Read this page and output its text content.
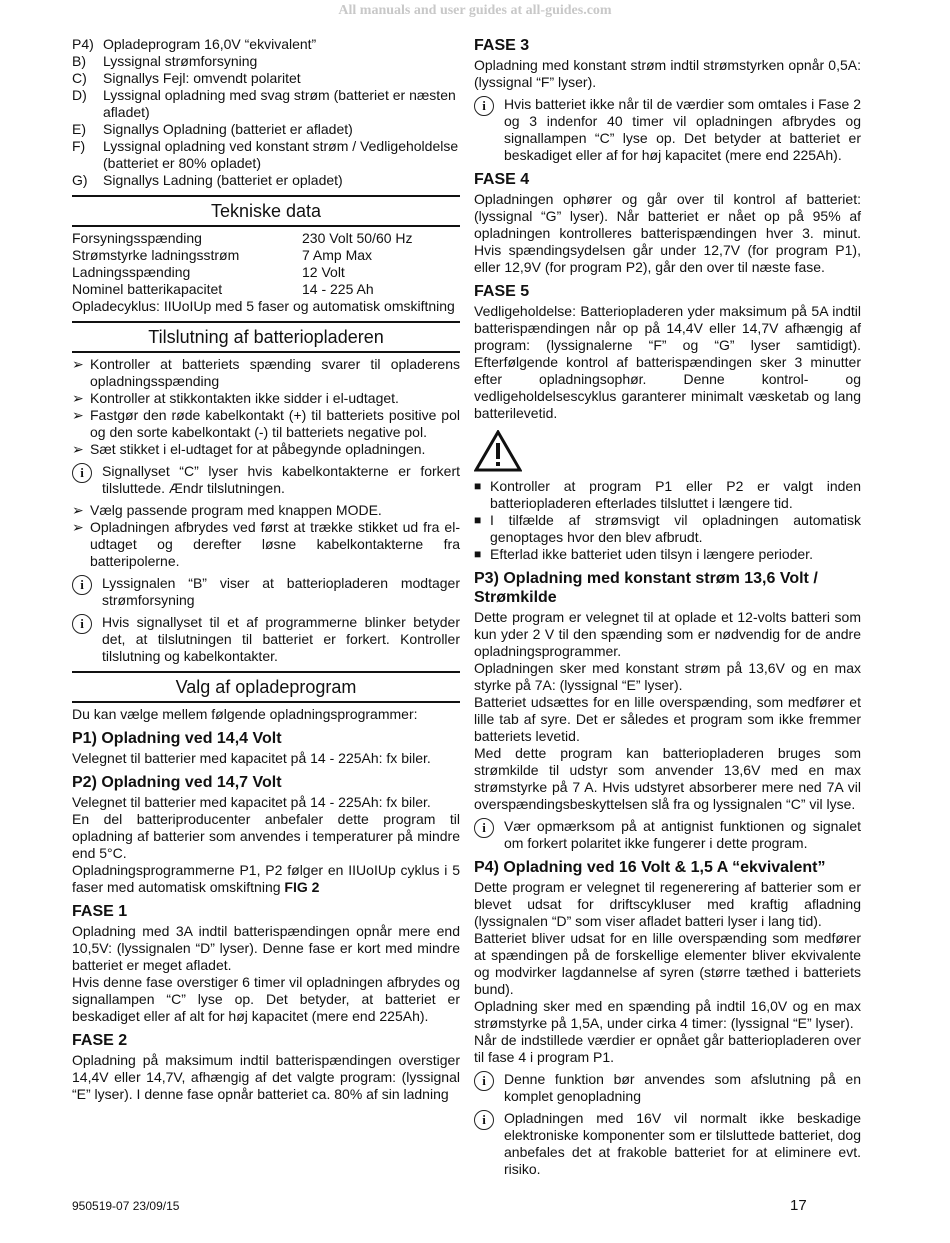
All manuals and user guides at all-guides.com
P4) Opladeprogram 16,0V “ekvivalent”
B)	Lyssignal strømforsyning
C)	Signallys Fejl: omvendt polaritet
D)	Lyssignal opladning med svag strøm (batteriet er næsten afladet)
E)	Signallys Opladning (batteriet er afladet)
F)	Lyssignal opladning ved konstant strøm / Vedligeholdelse (batteriet er 80% opladet)
G)	Signallys Ladning (batteriet er opladet)
Tekniske data
Forsyningsspænding	230 Volt 50/60 Hz
Strømstyrke ladningsstrøm	7 Amp Max
Ladningsspænding	12 Volt
Nominel batterikapacitet	14 - 225 Ah
Opladecyklus: IIUoIUp med 5 faser og automatisk omskiftning
Tilslutning af batteriopladeren
➢ Kontroller at batteriets spænding svarer til opladerens opladningsspænding
➢ Kontroller at stikkontakten ikke sidder i el-udtaget.
➢ Fastgør den røde kabelkontakt (+) til batteriets positive pol og den sorte kabelkontakt (-) til batteriets negative pol.
➢ Sæt stikket i el-udtaget for at påbegynde opladningen.
i	Signallyset “C” lyser hvis kabelkontakterne er forkert tilsluttede. Ændr tilslutningen.
➢ Vælg passende program med knappen MODE.
➢ Opladningen afbrydes ved først at trække stikket ud fra el-udtaget og derefter løsne kabelkontakterne fra batteripolerne.
i	Lyssignalen “B” viser at batteriopladeren modtager strømforsyning
i	Hvis signallyset til et af programmerne blinker betyder det, at tilslutningen til batteriet er forkert. Kontroller tilslutning og kabelkontakter.
Valg af opladeprogram

Du kan vælge mellem følgende opladningsprogrammer:

P1) Opladning ved 14,4 Volt

Velegnet til batterier med kapacitet på 14 - 225Ah: fx biler.

P2) Opladning ved 14,7 Volt

Velegnet til batterier med kapacitet på 14 - 225Ah: fx biler.

En del batteriproducenter anbefaler dette program til opladning af batterier som anvendes i temperaturer på mindre end 5°C.

Opladningsprogrammerne P1, P2 følger en IIUoIUp cyklus i 5 faser med automatisk omskiftning FIG 2

FASE 1

Opladning med 3A indtil batterispændingen opnår mere end 10,5V: (lyssignalen “D” lyser). Denne fase er kort med mindre batteriet er meget afladet.

Hvis denne fase overstiger 6 timer vil opladningen afbrydes og signallampen “C” lyse op. Det betyder, at batteriet er beskadiget eller af alt for høj kapacitet (mere end 225Ah).

FASE 2

Opladning på maksimum indtil batterispændingen overstiger 14,4V eller 14,7V, afhængig af det valgte program: (lyssignal “E” lyser). I denne fase opnår batteriet ca. 80% af sin ladning

FASE 3

Opladning med konstant strøm indtil strømstyrken opnår 0,5A: (lyssignal “F” lyser).

i	Hvis batteriet ikke når til de værdier som omtales i Fase 2 og 3 indenfor 40 timer vil opladningen afbrydes og signallampen “C” lyse op. Det betyder at batteriet er beskadiget eller af for høj kapacitet (mere end 225Ah).
FASE 4

Opladningen ophører og går over til kontrol af batteriet: (lyssignal “G” lyser). Når batteriet er nået op på 95% af opladningen kontrolleres batterispændingen hver 3. minut. Hvis spændingsydelsen går under 12,7V (for program P1), eller 12,9V (for program P2), går den over til næste fase.

FASE 5

Vedligeholdelse: Batteriopladeren yder maksimum på 5A indtil batterispændingen når op på 14,4V eller 14,7V afhængig af program: (lyssignalerne “F” og “G” lyser samtidigt). Efterfølgende kontrol af batterispændingen sker 3 minutter efter opladningsophør. Denne kontrol- og vedligeholdelsescyklus garanterer minimalt væsketab og lang batterilevetid.

■ Kontroller at program P1 eller P2 er valgt inden batteriopladeren efterlades tilsluttet i længere tid.
■ I tilfælde af strømsvigt vil opladningen automatisk genoptages hvor den blev afbrudt.
■ Efterlad ikke batteriet uden tilsyn i længere perioder.
P3) Opladning med konstant strøm 13,6 Volt / Strømkilde

Dette program er velegnet til at oplade et 12-volts batteri som kun yder 2 V til den spænding som er nødvendig for de andre opladningsprogrammer.

Opladningen sker med konstant strøm på 13,6V og en max styrke på 7A: (lyssignal “E” lyser).

Batteriet udsættes for en lille overspænding, som medfører et lille tab af syre. Det er således et program som ikke fremmer batteriets levetid.

Med dette program kan batteriopladeren bruges som strømkilde til udstyr som anvender 13,6V med en max strømstyrke på 7 A. Hvis udstyret absorberer mere ned 7A vil overspændingsbeskyttelsen slå fra og lyssignalen “C” vil lyse.

i	Vær opmærksom på at antignist funktionen og signalet om forkert polaritet ikke fungerer i dette program.
P4) Opladning ved 16 Volt & 1,5 A “ekvivalent”

Dette program er velegnet til regenerering af batterier som er blevet udsat for driftscykluser med kraftig afladning (lyssignalen “D” som viser afladet batteri lyser i lang tid).

Batteriet bliver udsat for en lille overspænding som medfører at spændingen på de forskellige elementer bliver ekvivalente og modvirker lagdannelse af syren (større tæthed i batteriets bund).

Opladning sker med en spænding på indtil 16,0V og en max strømstyrke på 1,5A, under cirka 4 timer: (lyssignal “E” lyser).

Når de indstillede værdier er opnået går batteriopladeren over til fase 4 i program P1.

i	Denne funktion bør anvendes som afslutning på en komplet genopladning
i	Opladningen med 16V vil normalt ikke beskadige elektroniske komponenter som er tilsluttede batteriet, dog anbefales det at frakoble batteriet for at eliminere evt. risiko.
950519-07 23/09/15	17
